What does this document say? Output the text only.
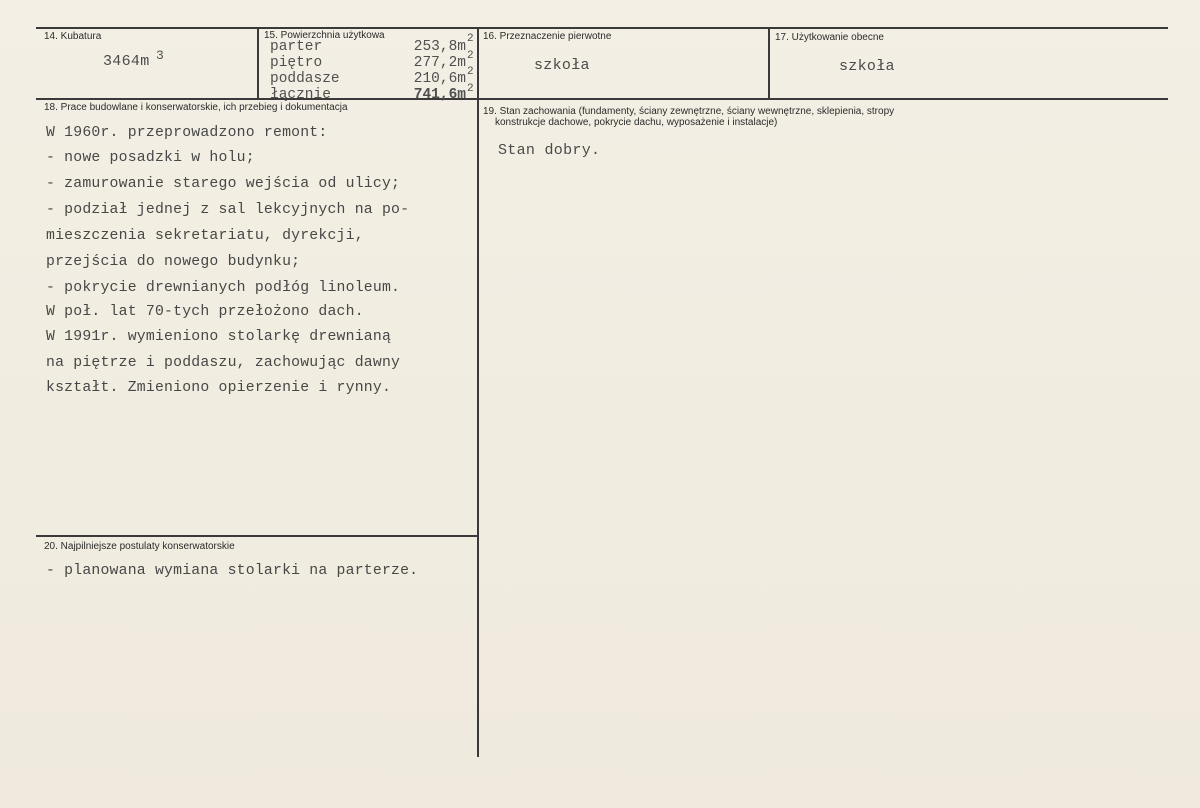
14. Kubatura
3464m 3
15. Powierzchnia użytkowa
parter	253,8m
piętro	277,2m
poddasze	210,6m
łącznie	741,6m
2
2
2
2
16. Przeznaczenie pierwotne
szkoła
17. Użytkowanie obecne
szkoła
18. Prace budowlane i konserwatorskie, ich przebieg i dokumentacja
W 1960r. przeprowadzono remont:
- nowe posadzki w holu;
- zamurowanie starego wejścia od ulicy;
- podział jednej z sal lekcyjnych na po-
mieszczenia sekretariatu, dyrekcji,
przejścia do nowego budynku;
- pokrycie drewnianych podłóg linoleum.
W poł. lat 70-tych przełożono dach.
W 1991r. wymieniono stolarkę drewnianą
na piętrze i poddaszu, zachowując dawny
kształt. Zmieniono opierzenie i rynny.
19. Stan zachowania (fundamenty, ściany zewnętrzne, ściany wewnętrzne, sklepienia, stropy
konstrukcje dachowe, pokrycie dachu, wyposażenie i instalacje)
Stan dobry.
20. Najpilniejsze postulaty konserwatorskie
- planowana wymiana stolarki na parterze.
